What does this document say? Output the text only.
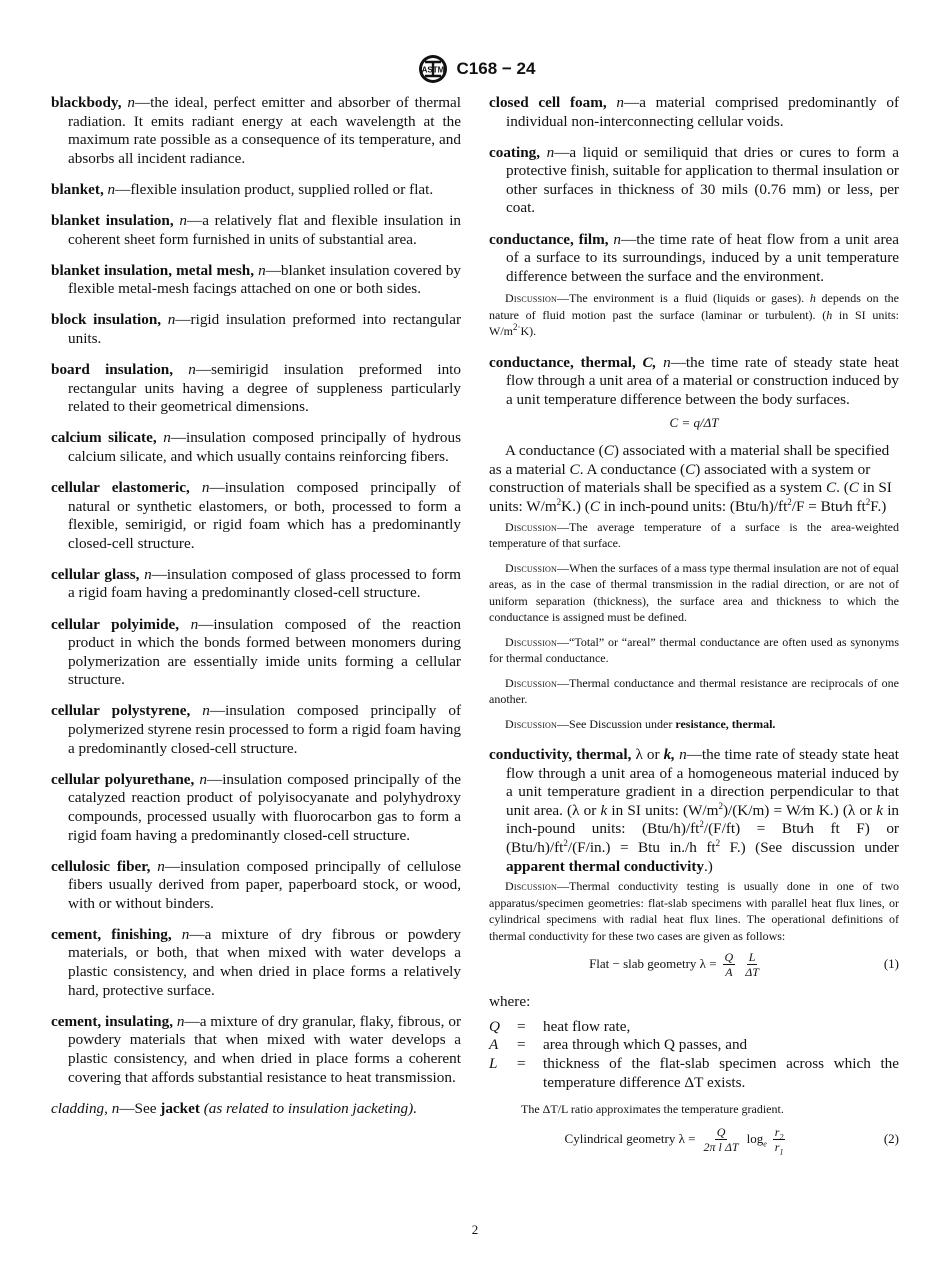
ASTM C168 − 24

blackbody, n—the ideal, perfect emitter and absorber of thermal radiation. It emits radiant energy at each wavelength at the maximum rate possible as a consequence of its temperature, and absorbs all incident radiance.

blanket, n—flexible insulation product, supplied rolled or flat.

blanket insulation, n—a relatively flat and flexible insulation in coherent sheet form furnished in units of substantial area.

blanket insulation, metal mesh, n—blanket insulation covered by flexible metal-mesh facings attached on one or both sides.

block insulation, n—rigid insulation preformed into rectangular units.

board insulation, n—semirigid insulation preformed into rectangular units having a degree of suppleness particularly related to their geometrical dimensions.

calcium silicate, n—insulation composed principally of hydrous calcium silicate, and which usually contains reinforcing fibers.

cellular elastomeric, n—insulation composed principally of natural or synthetic elastomers, or both, processed to form a flexible, semirigid, or rigid foam which has a predominantly closed-cell structure.

cellular glass, n—insulation composed of glass processed to form a rigid foam having a predominantly closed-cell structure.

cellular polyimide, n—insulation composed of the reaction product in which the bonds formed between monomers during polymerization are essentially imide units forming a cellular structure.

cellular polystyrene, n—insulation composed principally of polymerized styrene resin processed to form a rigid foam having a predominantly closed-cell structure.

cellular polyurethane, n—insulation composed principally of the catalyzed reaction product of polyisocyanate and polyhydroxy compounds, processed usually with fluorocarbon gas to form a rigid foam having a predominantly closed-cell structure.

cellulosic fiber, n—insulation composed principally of cellulose fibers usually derived from paper, paperboard stock, or wood, with or without binders.

cement, finishing, n—a mixture of dry fibrous or powdery materials, or both, that when mixed with water develops a plastic consistency, and when dried in place forms a relatively hard, protective surface.

cement, insulating, n—a mixture of dry granular, flaky, fibrous, or powdery materials that when mixed with water develops a plastic consistency, and when dried in place forms a coherent covering that affords substantial resistance to heat transmission.

cladding, n—See jacket (as related to insulation jacketing).

closed cell foam, n—a material comprised predominantly of individual non-interconnecting cellular voids.

coating, n—a liquid or semiliquid that dries or cures to form a protective finish, suitable for application to thermal insulation or other surfaces in thickness of 30 mils (0.76 mm) or less, per coat.

conductance, film, n—the time rate of heat flow from a unit area of a surface to its surroundings, induced by a unit temperature difference between the surface and the environment.

Discussion—The environment is a fluid (liquids or gases). h depends on the nature of fluid motion past the surface (laminar or turbulent). (h in SI units: $W/m^{2\cdot}K$).

conductance, thermal, C, n—the time rate of steady state heat flow through a unit area of a material or construction induced by a unit temperature difference between the body surfaces.

C = q/ΔT

A conductance (C) associated with a material shall be specified as a material C. A conductance (C) associated with a system or construction of materials shall be specified as a system C. (C in SI units: $W/m^2K$.) (C in inch-pound units: $(Btu/h)/ft^2/F$ = Btu⁄h $ft^2F$.)

Discussion—The average temperature of a surface is the area-weighted temperature of that surface.

Discussion—When the surfaces of a mass type thermal insulation are not of equal areas, as in the case of thermal transmission in the radial direction, or are not of uniform separation (thickness), the surface area and thickness to which the conductance is assigned must be defined.

Discussion—“Total” or “areal” thermal conductance are often used as synonyms for thermal conductance.

Discussion—Thermal conductance and thermal resistance are reciprocals of one another.

Discussion—See Discussion under resistance, thermal.

conductivity, thermal, λ or k, n—the time rate of steady state heat flow through a unit area of a homogeneous material induced by a unit temperature gradient in a direction perpendicular to that unit area. (λ or k in SI units: $(W/m^2)/(K/m)$ = W⁄m K.) (λ or k in inch-pound units: $(Btu/h)/ft^2/(F/ft)$ = Btu⁄h ft F) or $(Btu/h)/ft^2/(F/in.)$ = Btu in./h $ft^2$ F.) (See discussion under apparent thermal conductivity.)

Discussion—Thermal conductivity testing is usually done in one of two apparatus/specimen geometries: flat-slab specimens with parallel heat flux lines, or cylindrical specimens with radial heat flux lines. The operational definitions of thermal conductivity for these two cases are given as follows:

Flat − slab geometry $\lambda = \frac{Q}{A} \frac{L}{\Delta T}$	(1)

where:

Q	=	heat flow rate,
A	=	area through which Q passes, and
L	=	thickness of the flat-slab specimen across which the temperature difference ΔT exists.

The ΔT/L ratio approximates the temperature gradient.

Cylindrical geometry $\lambda = \frac{Q}{\text{2π l ΔT}} \log_e \frac{r_2}{r_1}$	(2)
2
